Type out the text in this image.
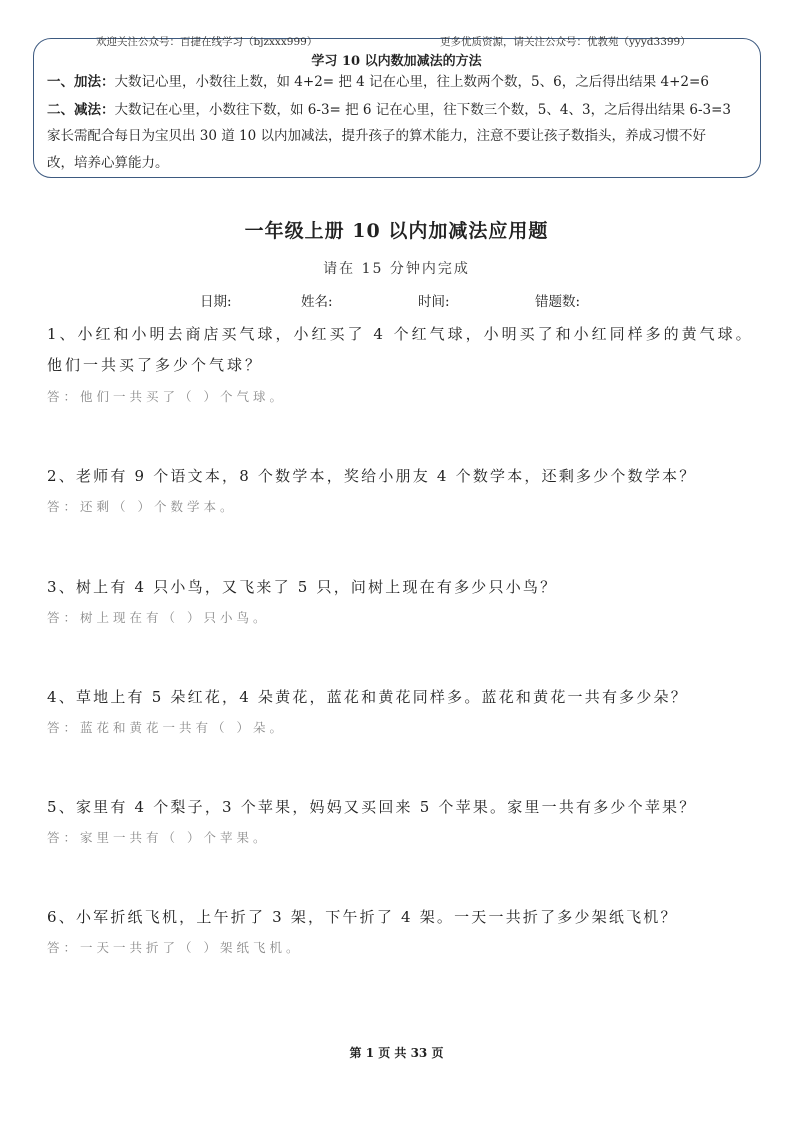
欢迎关注公众号：百捷在线学习（bjzxxx999）	更多优质资源，请关注公众号：优教苑（yyyd3399）
学习 10 以内数加减法的方法
一、加法：大数记心里，小数往上数，如 4+2= 把 4 记在心里，往上数两个数，5、6，之后得出结果 4+2=6
二、减法：大数记在心里，小数往下数，如 6-3= 把 6 记在心里，往下数三个数，5、4、3，之后得出结果 6-3=3
家长需配合每日为宝贝出 30 道 10 以内加减法，提升孩子的算术能力，注意不要让孩子数指头，养成习惯不好
改，培养心算能力。
一年级上册 10 以内加减法应用题
请在 15 分钟内完成
日期:	姓名:	时间:	错题数:
1、小红和小明去商店买气球，小红买了 4 个红气球，小明买了和小红同样多的黄气球。
他们一共买了多少个气球？
答：他们一共买了（ ）个气球。
2、老师有 9 个语文本，8 个数学本，奖给小朋友 4 个数学本，还剩多少个数学本？
答：还剩（ ）个数学本。
3、树上有 4 只小鸟，又飞来了 5 只，问树上现在有多少只小鸟？
答：树上现在有（ ）只小鸟。
4、草地上有 5 朵红花，4 朵黄花，蓝花和黄花同样多。蓝花和黄花一共有多少朵？
答：蓝花和黄花一共有（ ）朵。
5、家里有 4 个梨子，3 个苹果，妈妈又买回来 5 个苹果。家里一共有多少个苹果？
答：家里一共有（ ）个苹果。
6、小军折纸飞机，上午折了 3 架，下午折了 4 架。一天一共折了多少架纸飞机？
答：一天一共折了（ ）架纸飞机。
第 1 页 共 33 页
